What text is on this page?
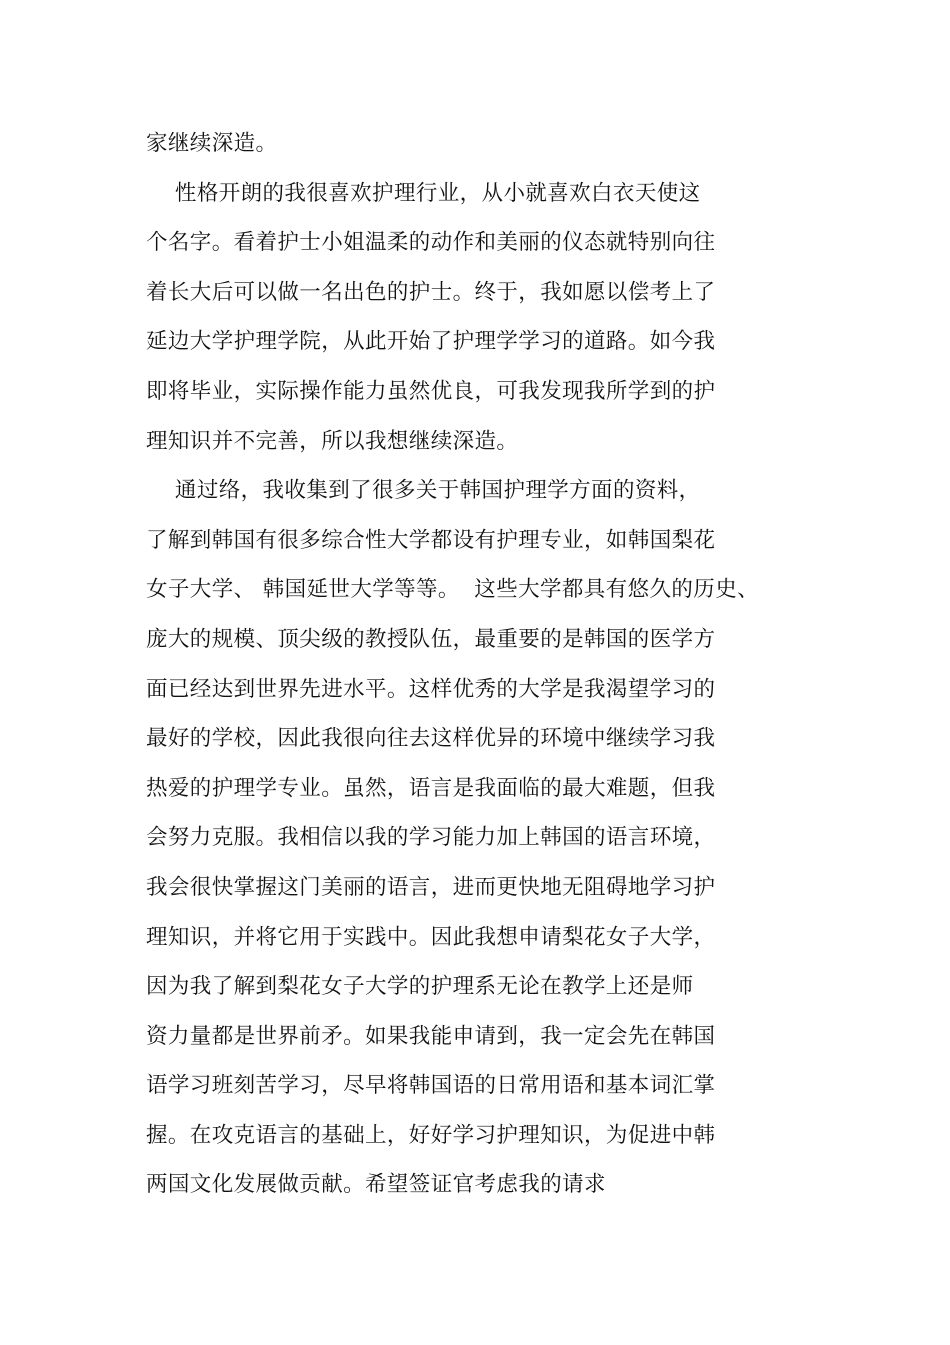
家继续深造。
性格开朗的我很喜欢护理行业，从小就喜欢白衣天使这
个名字。看着护士小姐温柔的动作和美丽的仪态就特别向往
着长大后可以做一名出色的护士。终于，我如愿以偿考上了
延边大学护理学院，从此开始了护理学学习的道路。如今我
即将毕业，实际操作能力虽然优良，可我发现我所学到的护
理知识并不完善，所以我想继续深造。
通过络，我收集到了很多关于韩国护理学方面的资料，
了解到韩国有很多综合性大学都设有护理专业，如韩国梨花
女子大学、 韩国延世大学等等。  这些大学都具有悠久的历史、
庞大的规模、顶尖级的教授队伍，最重要的是韩国的医学方
面已经达到世界先进水平。这样优秀的大学是我渴望学习的
最好的学校，因此我很向往去这样优异的环境中继续学习我
热爱的护理学专业。虽然，语言是我面临的最大难题，但我
会努力克服。我相信以我的学习能力加上韩国的语言环境，
我会很快掌握这门美丽的语言，进而更快地无阻碍地学习护
理知识，并将它用于实践中。因此我想申请梨花女子大学，
因为我了解到梨花女子大学的护理系无论在教学上还是师
资力量都是世界前矛。如果我能申请到，我一定会先在韩国
语学习班刻苦学习，尽早将韩国语的日常用语和基本词汇掌
握。在攻克语言的基础上，好好学习护理知识，为促进中韩
两国文化发展做贡献。希望签证官考虑我的请求
